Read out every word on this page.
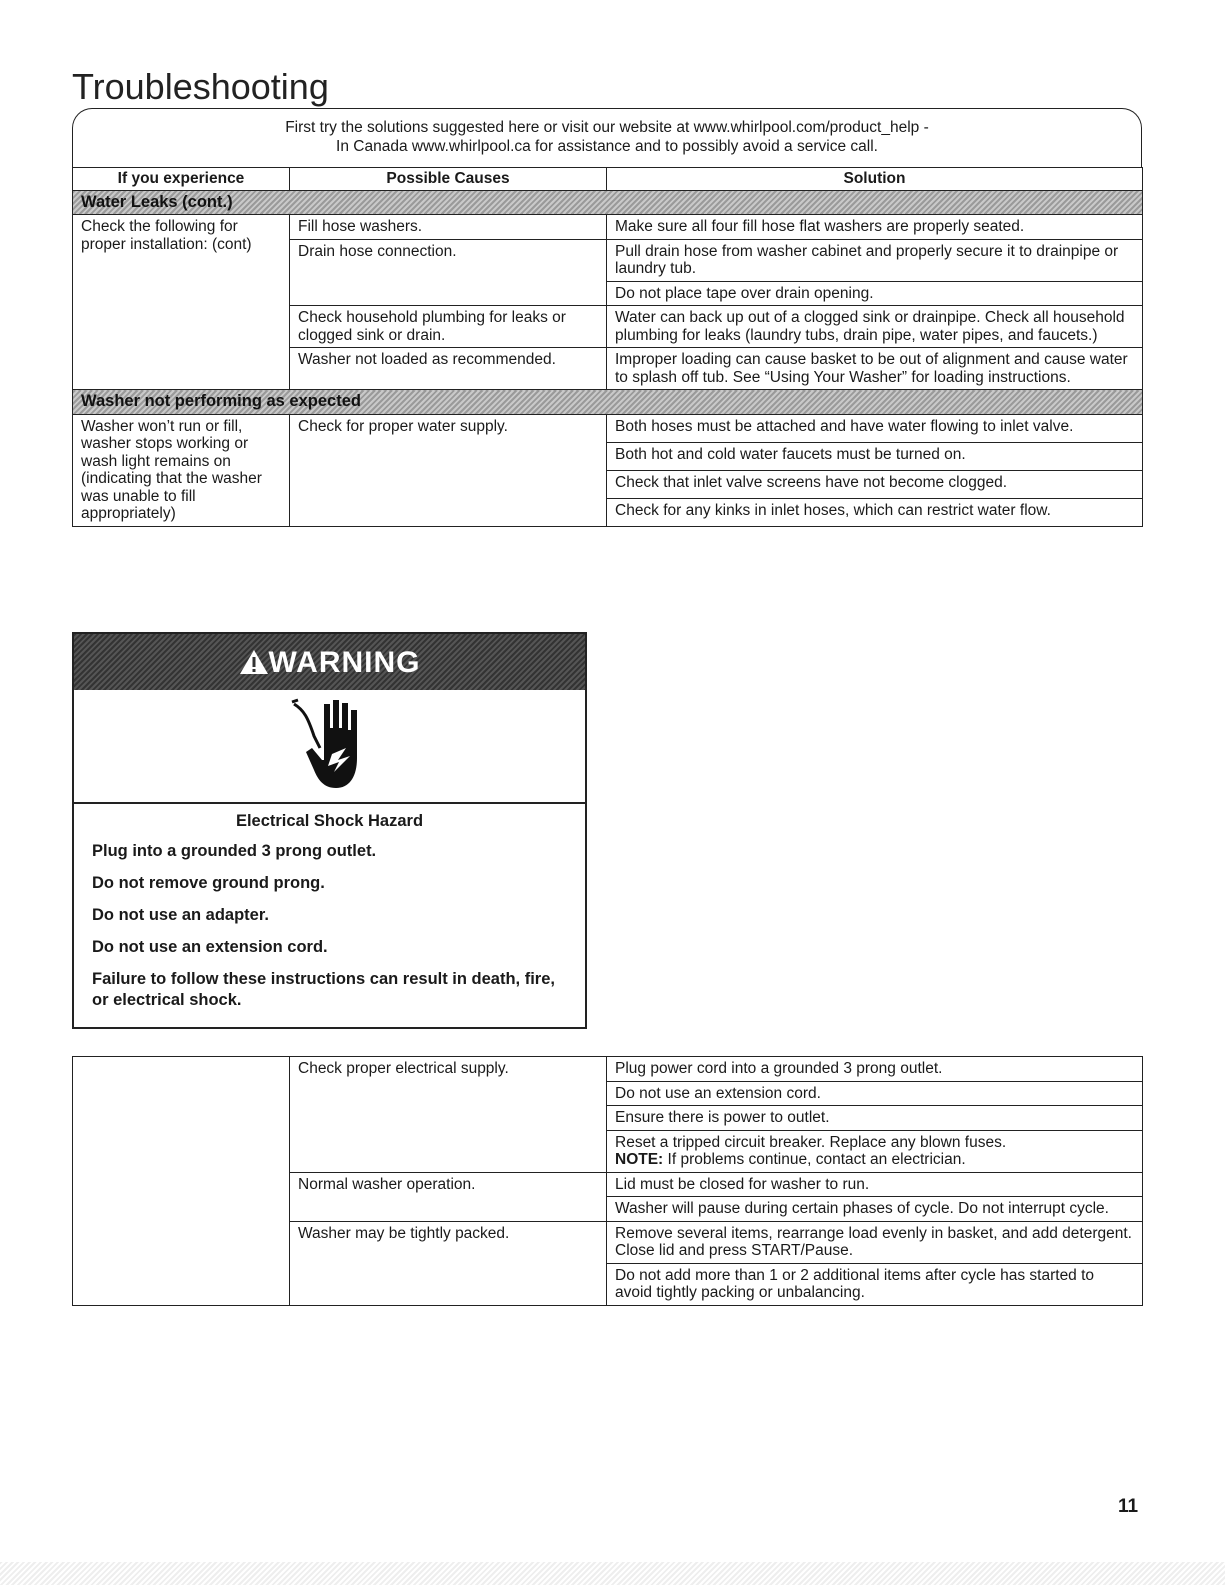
Troubleshooting
First try the solutions suggested here or visit our website at www.whirlpool.com/product_help -
In Canada www.whirlpool.ca for assistance and to possibly avoid a service call.
If you experience	Possible Causes	Solution
Water Leaks (cont.)		
Check the following for proper installation: (cont)	Fill hose washers.	Make sure all four fill hose flat washers are properly seated.
	Drain hose connection.	Pull drain hose from washer cabinet and properly secure it to drainpipe or laundry tub.
		Do not place tape over drain opening.
	Check household plumbing for leaks or clogged sink or drain.	Water can back up out of a clogged sink or drainpipe. Check all household plumbing for leaks (laundry tubs, drain pipe, water pipes, and faucets.)
	Washer not loaded as recommended.	Improper loading can cause basket to be out of alignment and cause water to splash off tub. See “Using Your Washer” for loading instructions.
Washer not performing as expected		
Washer won’t run or fill, washer stops working or wash light remains on (indicating that the washer was unable to fill appropriately)	Check for proper water supply.	Both hoses must be attached and have water flowing to inlet valve.
		Both hot and cold water faucets must be turned on.
		Check that inlet valve screens have not become clogged.
		Check for any kinks in inlet hoses, which can restrict water flow.
WARNING
Electrical Shock Hazard

Plug into a grounded 3 prong outlet.

Do not remove ground prong.

Do not use an adapter.

Do not use an extension cord.

Failure to follow these instructions can result in death, fire, or electrical shock.

	Check proper electrical supply.	Plug power cord into a grounded 3 prong outlet.
		Do not use an extension cord.
		Ensure there is power to outlet.
		Reset a tripped circuit breaker. Replace any blown fuses.
NOTE: If problems continue, contact an electrician.
	Normal washer operation.	Lid must be closed for washer to run.
		Washer will pause during certain phases of cycle. Do not interrupt cycle.
	Washer may be tightly packed.	Remove several items, rearrange load evenly in basket, and add detergent. Close lid and press START/Pause.
		Do not add more than 1 or 2 additional items after cycle has started to avoid tightly packing or unbalancing.
11
